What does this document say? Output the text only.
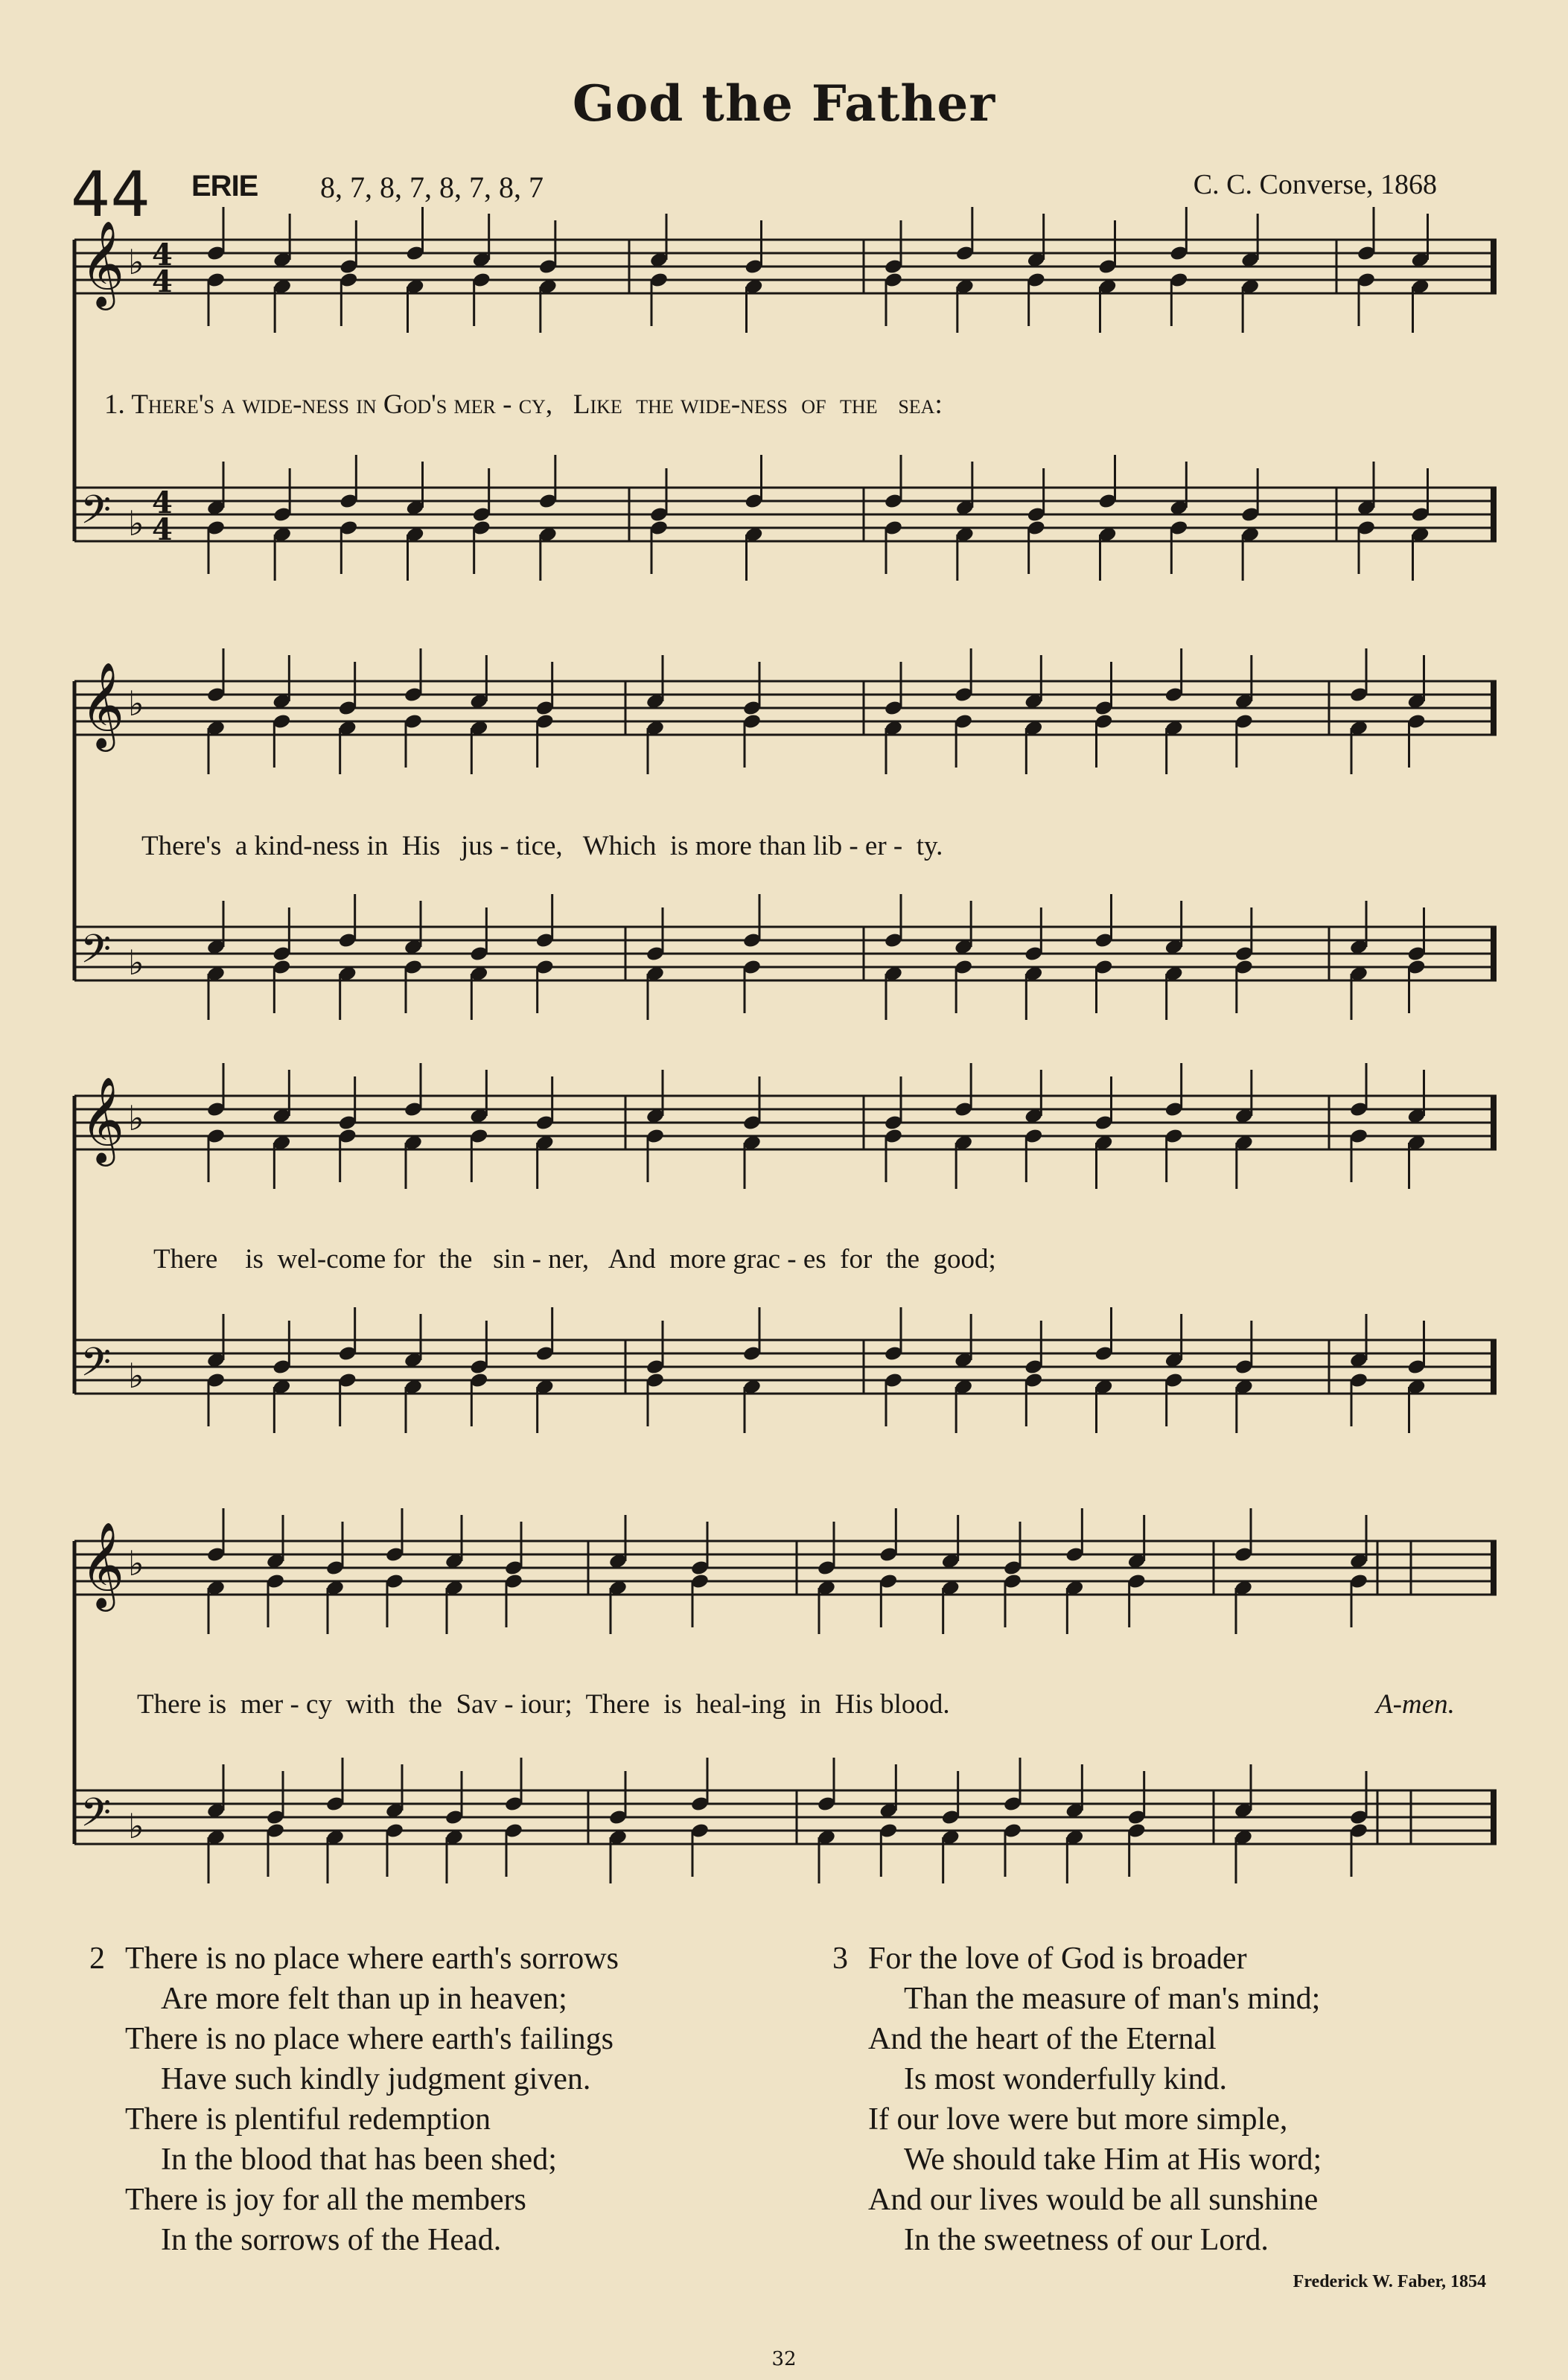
God the Father
44 ERIE 8, 7, 8, 7, 8, 7, 8, 7	C. C. Converse, 1868
𝄞 ♭ 4
4
𝄢 ♭
4
4
𝄞 ♭
𝄢 ♭
𝄞 ♭
𝄢 ♭
𝄞 ♭
𝄢 ♭
1. There's a wide-ness in God's mer - cy,   Like  the wide-ness  of  the   sea:
There's  a kind-ness in  His   jus - tice,   Which  is more than lib - er -  ty.
There    is  wel-come for  the   sin - ner,   And  more grac - es  for  the  good;
There is  mer - cy  with  the  Sav - iour;  There  is  heal-ing  in  His blood.	A-men.
2 There is no place where earth's sorrows
Are more felt than up in heaven;
There is no place where earth's failings
Have such kindly judgment given.
There is plentiful redemption
In the blood that has been shed;
There is joy for all the members
In the sorrows of the Head.
3 For the love of God is broader
Than the measure of man's mind;
And the heart of the Eternal
Is most wonderfully kind.
If our love were but more simple,
We should take Him at His word;
And our lives would be all sunshine
In the sweetness of our Lord.
Frederick W. Faber, 1854
32
